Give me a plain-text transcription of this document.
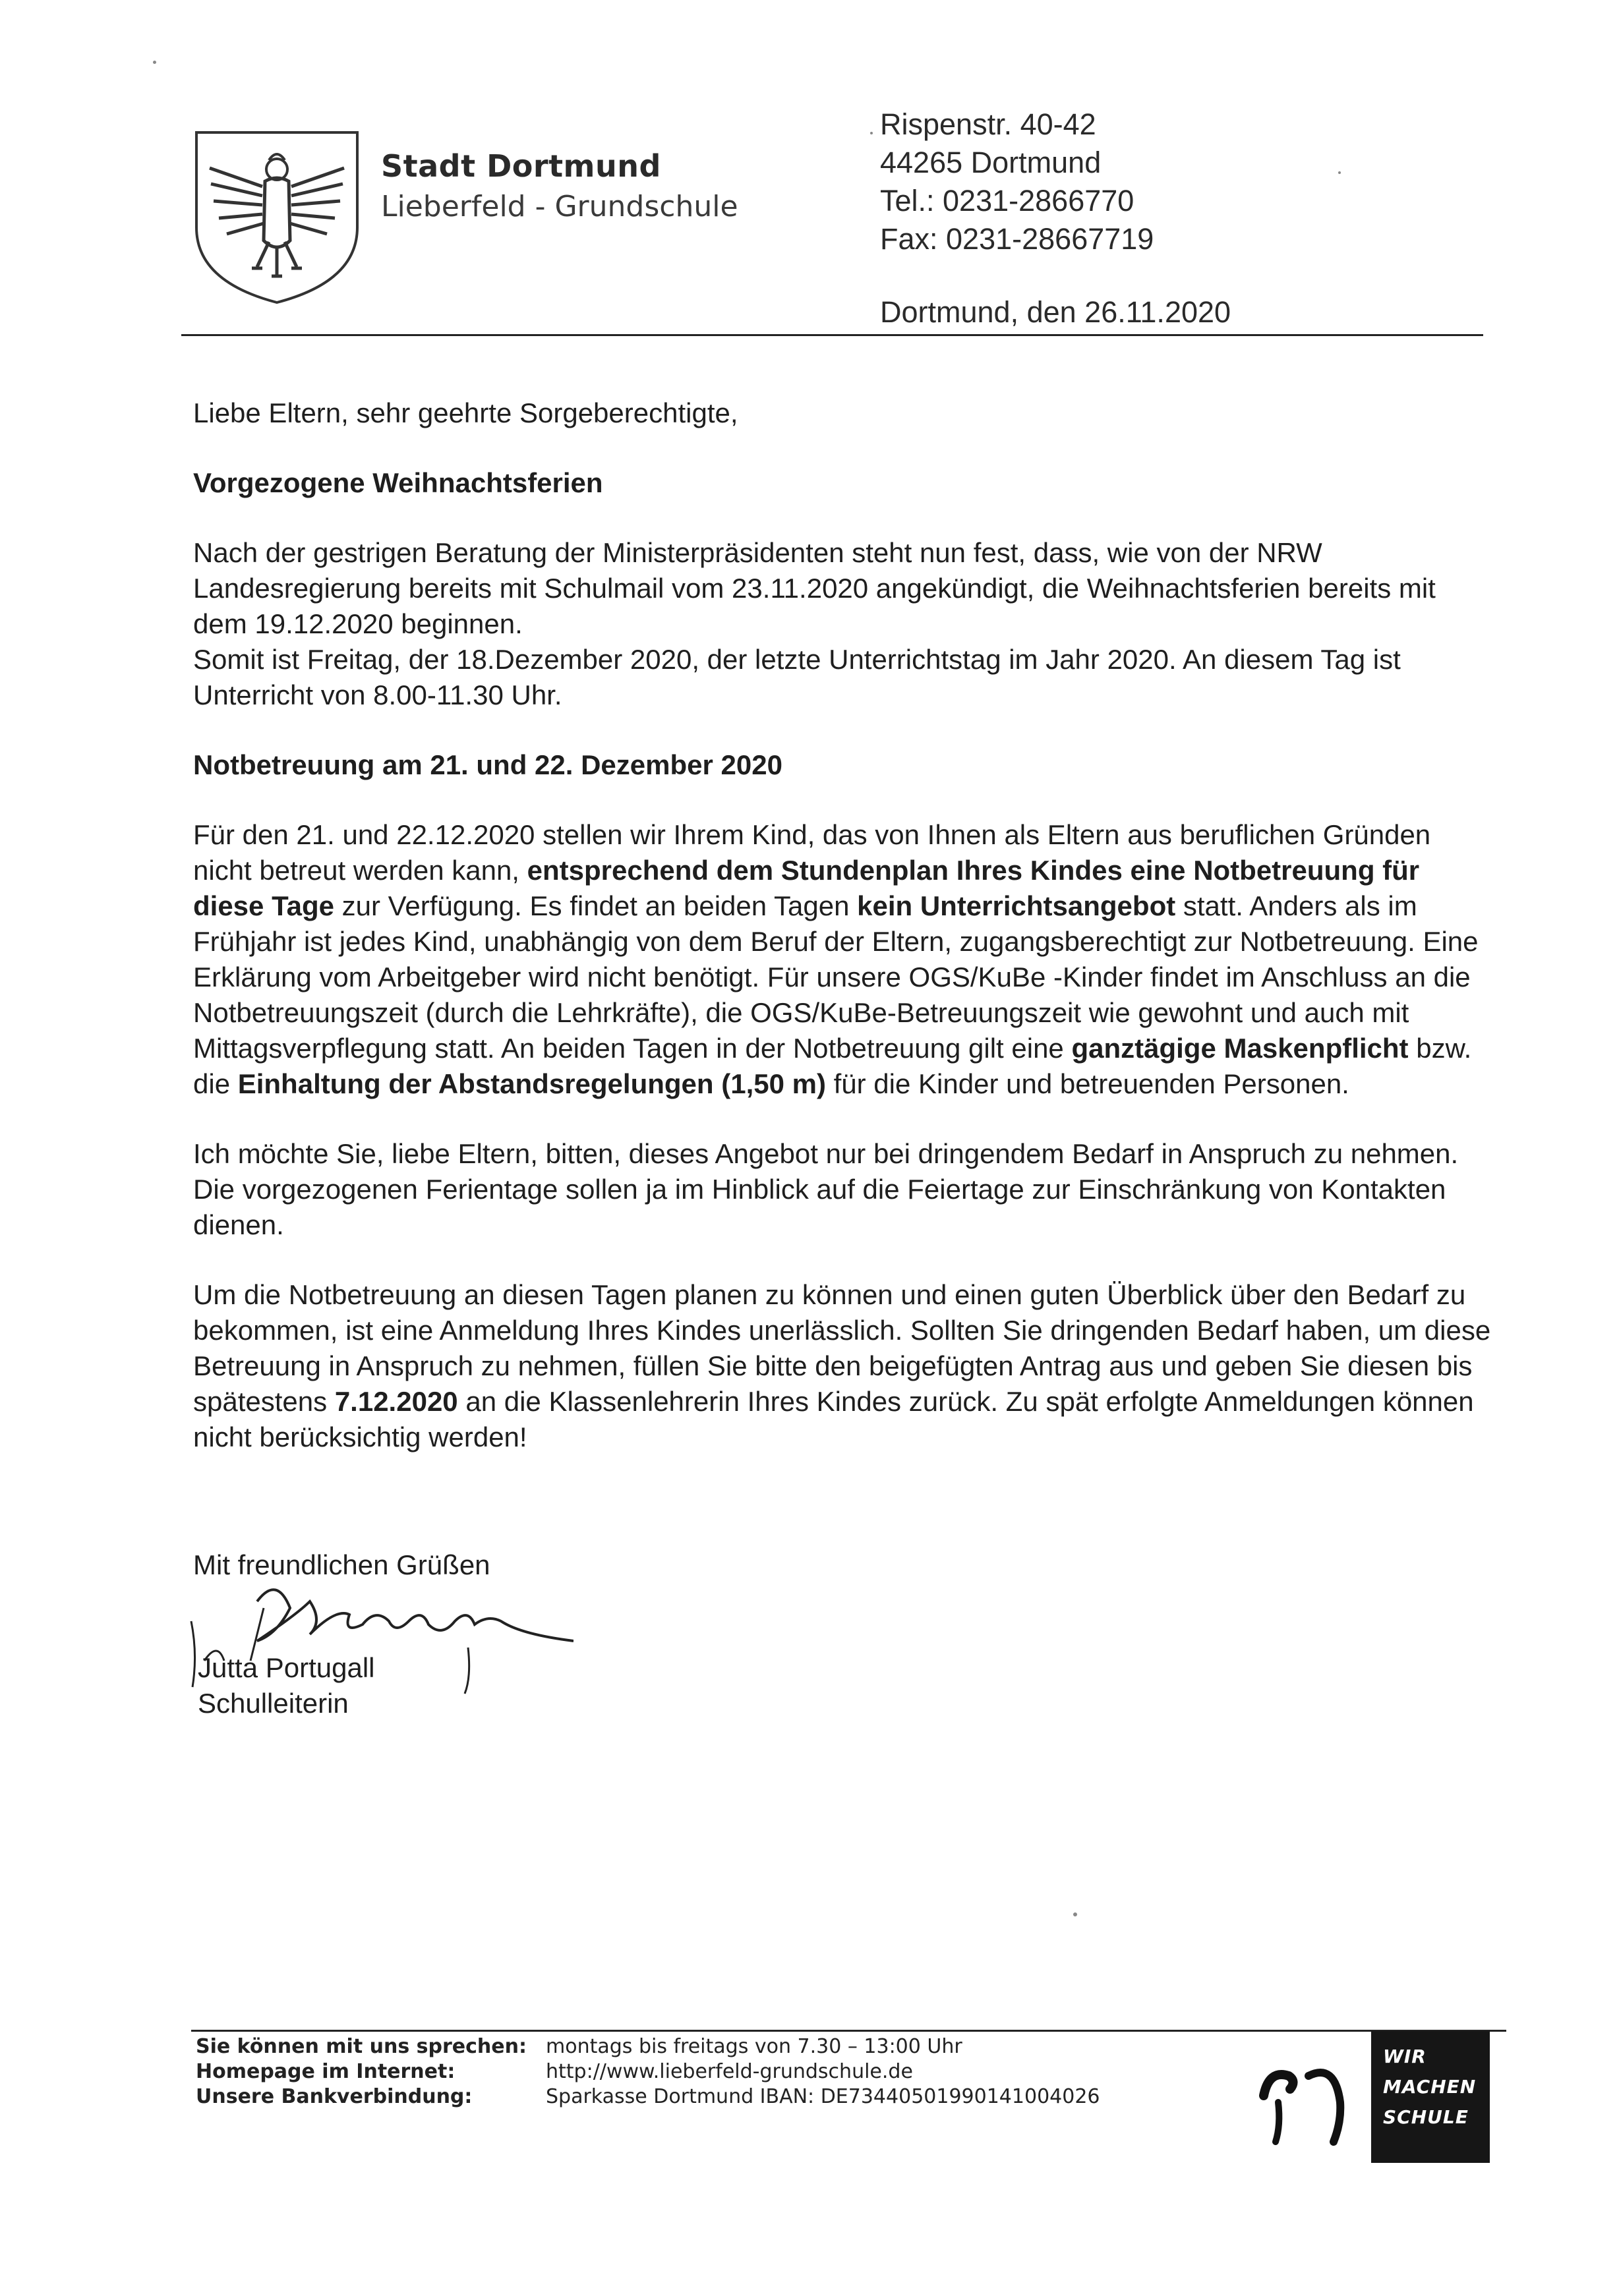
Stadt Dortmund
Lieberfeld - Grundschule
Rispenstr. 40-42
44265 Dortmund
Tel.: 0231-2866770
Fax: 0231-28667719
Dortmund, den 26.11.2020

Liebe Eltern, sehr geehrte Sorgeberechtigte,

Vorgezogene Weihnachtsferien

Nach der gestrigen Beratung der Ministerpräsidenten steht nun fest, dass, wie von der NRW Landesregierung bereits mit Schulmail vom 23.11.2020 angekündigt, die Weihnachtsferien bereits mit dem 19.12.2020 beginnen.

Somit ist Freitag, der 18.Dezember 2020, der letzte Unterrichtstag im Jahr 2020. An diesem Tag ist Unterricht von 8.00-11.30 Uhr.

Notbetreuung am 21. und 22. Dezember 2020

Für den 21. und 22.12.2020 stellen wir Ihrem Kind, das von Ihnen als Eltern aus beruflichen Gründen nicht betreut werden kann, entsprechend dem Stundenplan Ihres Kindes eine Notbetreuung für diese Tage zur Verfügung. Es findet an beiden Tagen kein Unterrichtsangebot statt. Anders als im Frühjahr ist jedes Kind, unabhängig von dem Beruf der Eltern, zugangsberechtigt zur Notbetreuung. Eine Erklärung vom Arbeitgeber wird nicht benötigt. Für unsere OGS/KuBe -Kinder findet im Anschluss an die Notbetreuungszeit (durch die Lehrkräfte), die OGS/KuBe-Betreuungszeit wie gewohnt und auch mit Mittagsverpflegung statt. An beiden Tagen in der Notbetreuung gilt eine ganztägige Maskenpflicht bzw. die Einhaltung der Abstandsregelungen (1,50 m) für die Kinder und betreuenden Personen.

Ich möchte Sie, liebe Eltern, bitten, dieses Angebot nur bei dringendem Bedarf in Anspruch zu nehmen. Die vorgezogenen Ferientage sollen ja im Hinblick auf die Feiertage zur Einschränkung von Kontakten dienen.

Um die Notbetreuung an diesen Tagen planen zu können und einen guten Überblick über den Bedarf zu bekommen, ist eine Anmeldung Ihres Kindes unerlässlich. Sollten Sie dringenden Bedarf haben, um diese Betreuung in Anspruch zu nehmen, füllen Sie bitte den beigefügten Antrag aus und geben Sie diesen bis spätestens 7.12.2020 an die Klassenlehrerin Ihres Kindes zurück. Zu spät erfolgte Anmeldungen können nicht berücksichtig werden!

Mit freundlichen Grüßen
Jutta Portugall
Schulleiterin
Sie können mit uns sprechen:
Homepage im Internet:
Unsere Bankverbindung:
montags bis freitags von 7.30 – 13:00 Uhr
http://www.lieberfeld-grundschule.de
Sparkasse Dortmund IBAN: DE73440501990141004026
WIR
MACHEN
SCHULE
